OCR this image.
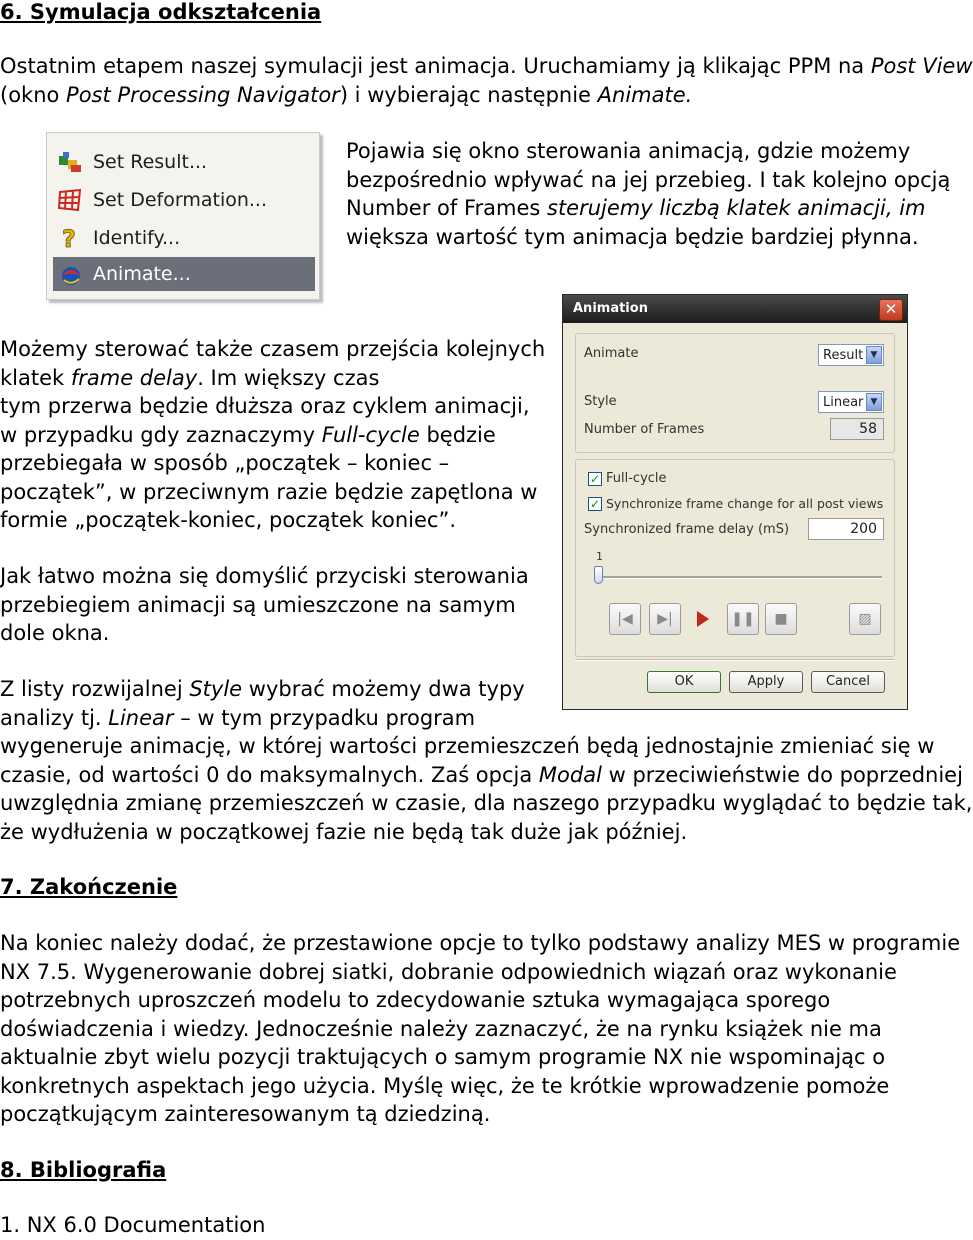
6. Symulacja odkształcenia
Ostatnim etapem naszej symulacji jest animacja. Uruchamiamy ją klikając PPM na Post View
(okno Post Processing Navigator) i wybierając następnie Animate.
Set Result...
Set Deformation...
? Identify...
Animate...
Pojawia się okno sterowania animacją, gdzie możemy
bezpośrednio wpływać na jej przebieg. I tak kolejno opcją
Number of Frames sterujemy liczbą klatek animacji, im
większa wartość tym animacja będzie bardziej płynna.
Możemy sterować także czasem przejścia kolejnych
klatek frame delay. Im większy czas
tym przerwa będzie dłuższa oraz cyklem animacji,
w przypadku gdy zaznaczymy Full-cycle będzie
przebiegała w sposób „początek – koniec –
początek”, w przeciwnym razie będzie zapętlona w
formie „początek-koniec, początek koniec”.
Jak łatwo można się domyślić przyciski sterowania
przebiegiem animacji są umieszczone na samym
dole okna.
Z listy rozwijalnej Style wybrać możemy dwa typy
analizy tj. Linear – w tym przypadku program
wygeneruje animację, w której wartości przemieszczeń będą jednostajnie zmieniać się w
czasie, od wartości 0 do maksymalnych. Zaś opcja Modal w przeciwieństwie do poprzedniej
uwzględnia zmianę przemieszczeń w czasie, dla naszego przypadku wyglądać to będzie tak,
że wydłużenia w początkowej fazie nie będą tak duże jak później.
Animation	✕
Animate	Result ▼
Style	Linear ▼
Number of Frames	58
✓ Full-cycle
✓ Synchronize frame change for all post views
Synchronized frame delay (mS)	200
1
|◀	▶|	❚❚	■	▨
OK	Apply	Cancel
7. Zakończenie
Na koniec należy dodać, że przestawione opcje to tylko podstawy analizy MES w programie
NX 7.5. Wygenerowanie dobrej siatki, dobranie odpowiednich wiązań oraz wykonanie
potrzebnych uproszczeń modelu to zdecydowanie sztuka wymagająca sporego
doświadczenia i wiedzy. Jednocześnie należy zaznaczyć, że na rynku książek nie ma
aktualnie zbyt wielu pozycji traktujących o samym programie NX nie wspominając o
konkretnych aspektach jego użycia. Myślę więc, że te krótkie wprowadzenie pomoże
początkującym zainteresowanym tą dziedziną.
8. Bibliografia
1. NX 6.0 Documentation
